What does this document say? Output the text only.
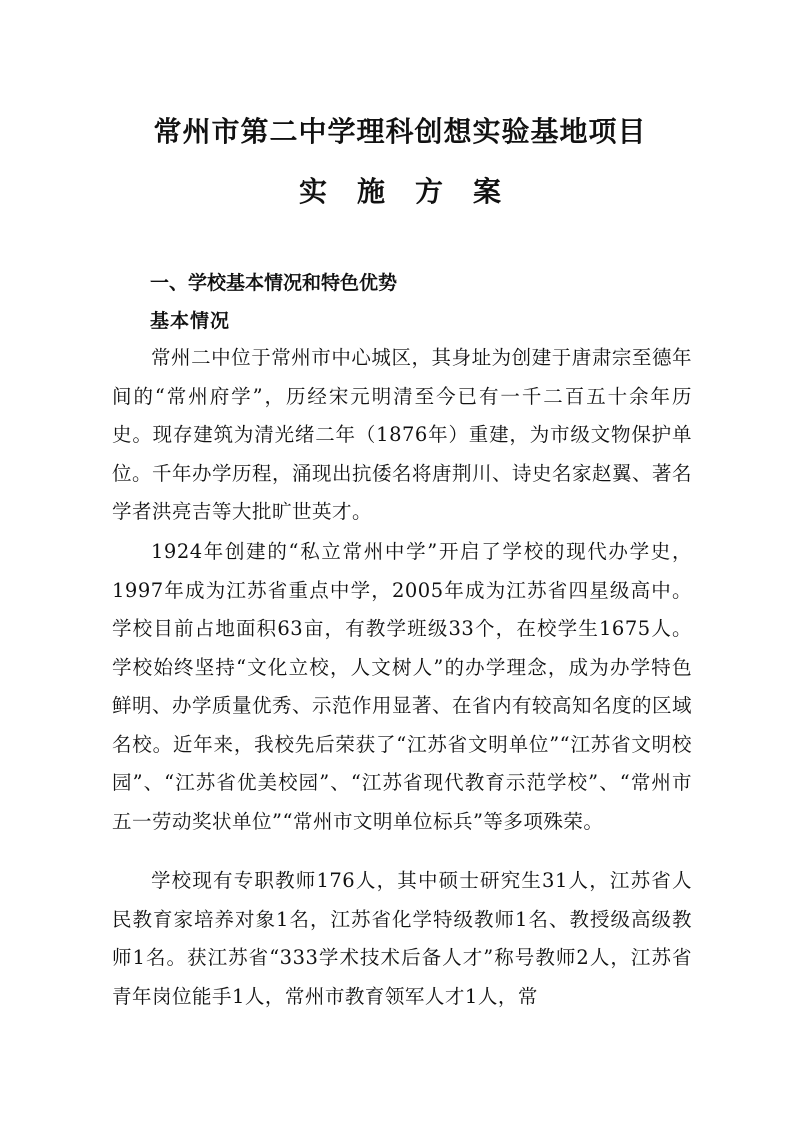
常州市第二中学理科创想实验基地项目
实施方案
一、学校基本情况和特色优势
基本情况

常州二中位于常州市中心城区，其身址为创建于唐肃宗至德年间的“常州府学”，历经宋元明清至今已有一千二百五十余年历史。现存建筑为清光绪二年（1876年）重建，为市级文物保护单位。千年办学历程，涌现出抗倭名将唐荆川、诗史名家赵翼、著名学者洪亮吉等大批旷世英才。

1924年创建的“私立常州中学”开启了学校的现代办学史，1997年成为江苏省重点中学，2005年成为江苏省四星级高中。学校目前占地面积63亩，有教学班级33个，在校学生1675人。学校始终坚持“文化立校，人文树人”的办学理念，成为办学特色鲜明、办学质量优秀、示范作用显著、在省内有较高知名度的区域名校。近年来，我校先后荣获了“江苏省文明单位”“江苏省文明校园”、“江苏省优美校园”、“江苏省现代教育示范学校”、“常州市五一劳动奖状单位”“常州市文明单位标兵”等多项殊荣。

学校现有专职教师176人，其中硕士研究生31人，江苏省人民教育家培养对象1名，江苏省化学特级教师1名、教授级高级教师1名。获江苏省“333学术技术后备人才”称号教师2人，江苏省青年岗位能手1人，常州市教育领军人才1人，常
